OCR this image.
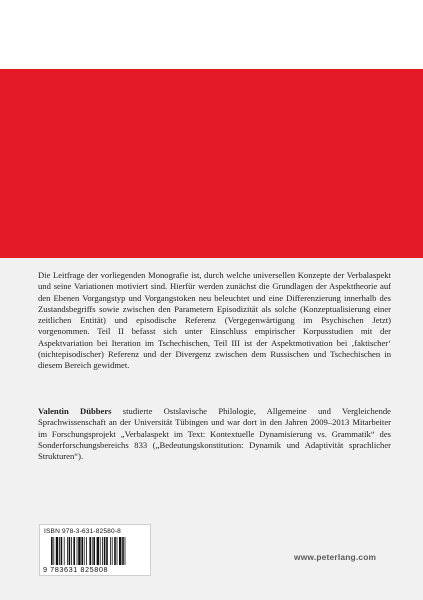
Die Leitfrage der vorliegenden Monografie ist, durch welche universellen Konzepte der Verbalaspekt und seine Variationen motiviert sind. Hierfür werden zunächst die Grundlagen der Aspekttheorie auf den Ebenen Vorgangstyp und Vorgangstoken neu beleuchtet und eine Differenzierung innerhalb des Zustandsbegriffs sowie zwischen den Parametern Episodizität als solche (Konzeptualisierung einer zeitlichen Entität) und episodische Referenz (Vergegenwärtigung im Psychischen Jetzt) vorgenommen. Teil II befasst sich unter Einschluss empirischer Korpusstudien mit der Aspektvariation bei Iteration im Tschechischen, Teil III ist der Aspektmotivation bei ‚faktischer‘ (nichtepisodischer) Referenz und der Divergenz zwischen dem Russischen und Tschechischen in diesem Bereich gewidmet.

Valentin Dübbers studierte Ostslavische Philologie, Allgemeine und Vergleichende Sprachwissenschaft an der Universität Tübingen und war dort in den Jahren 2009–2013 Mitarbeiter im Forschungsprojekt „Verbalaspekt im Text: Kontextuelle Dynamisierung vs. Grammatik“ des Sonderforschungsbereichs 833 („Bedeutungskonstitution: Dynamik und Adaptivität sprachlicher Strukturen“).

ISBN 978-3-631-82580-8
9 783631 825808
www.peterlang.com
